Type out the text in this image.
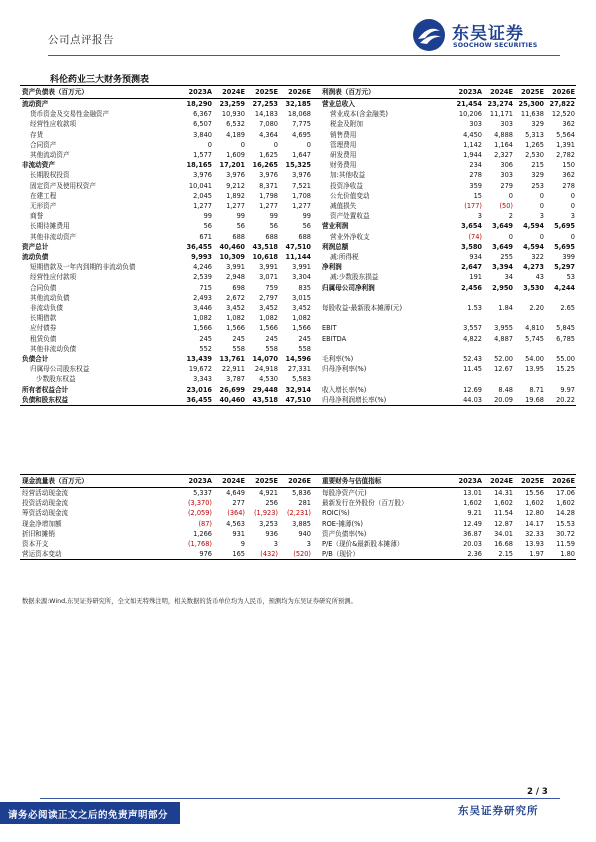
公司点评报告	东吴证券
SOOCHOW SECURITIES
科伦药业三大财务预测表
资产负债表（百万元）	2023A	2024E	2025E	2026E		利润表（百万元）	2023A	2024E	2025E	2026E
流动资产	18,290	23,259	27,253	32,185		营业总收入	21,454	23,274	25,300	27,822
货币资金及交易性金融资产	6,367	10,930	14,183	18,068		营业成本(含金融类)	10,206	11,171	11,638	12,520
经营性应收款项	6,507	6,532	7,080	7,775		税金及附加	303	303	329	362
存货	3,840	4,189	4,364	4,695		销售费用	4,450	4,888	5,313	5,564
合同资产	0	0	0	0		管理费用	1,142	1,164	1,265	1,391
其他流动资产	1,577	1,609	1,625	1,647		研发费用	1,944	2,327	2,530	2,782
非流动资产	18,165	17,201	16,265	15,325		财务费用	234	306	215	150
长期股权投资	3,976	3,976	3,976	3,976		加:其他收益	278	303	329	362
固定资产及使用权资产	10,041	9,212	8,371	7,521		投资净收益	359	279	253	278
在建工程	2,045	1,892	1,798	1,708		公允价值变动	15	0	0	0
无形资产	1,277	1,277	1,277	1,277		减值损失	(177)	(50)	0	0
商誉	99	99	99	99		资产处置收益	3	2	3	3
长期待摊费用	56	56	56	56		营业利润	3,654	3,649	4,594	5,695
其他非流动资产	671	688	688	688		营业外净收支	(74)	0	0	0
资产总计	36,455	40,460	43,518	47,510		利润总额	3,580	3,649	4,594	5,695
流动负债	9,993	10,309	10,618	11,144		减:所得税	934	255	322	399
短期借款及一年内到期的非流动负债	4,246	3,991	3,991	3,991		净利润	2,647	3,394	4,273	5,297
经营性应付款项	2,539	2,948	3,071	3,304		减:少数股东损益	191	34	43	53
合同负债	715	698	759	835		归属母公司净利润	2,456	2,950	3,530	4,244
其他流动负债	2,493	2,672	2,797	3,015						
非流动负债	3,446	3,452	3,452	3,452		每股收益-最新股本摊薄(元)	1.53	1.84	2.20	2.65
长期借款	1,082	1,082	1,082	1,082						
应付债券	1,566	1,566	1,566	1,566		EBIT	3,557	3,955	4,810	5,845
租赁负债	245	245	245	245		EBITDA	4,822	4,887	5,745	6,785
其他非流动负债	552	558	558	558						
负债合计	13,439	13,761	14,070	14,596		毛利率(%)	52.43	52.00	54.00	55.00
归属母公司股东权益	19,672	22,911	24,918	27,331		归母净利率(%)	11.45	12.67	13.95	15.25
少数股东权益	3,343	3,787	4,530	5,583						
所有者权益合计	23,016	26,699	29,448	32,914		收入增长率(%)	12.69	8.48	8.71	9.97
负债和股东权益	36,455	40,460	43,518	47,510		归母净利润增长率(%)	44.03	20.09	19.68	20.22
现金流量表（百万元）	2023A	2024E	2025E	2026E		重要财务与估值指标	2023A	2024E	2025E	2026E
经营活动现金流	5,337	4,649	4,921	5,836		每股净资产(元)	13.01	14.31	15.56	17.06
投资活动现金流	(3,370)	277	256	281		最新发行在外股份（百万股）	1,602	1,602	1,602	1,602
筹资活动现金流	(2,059)	(364)	(1,923)	(2,231)		ROIC(%)	9.21	11.54	12.80	14.28
现金净增加额	(87)	4,563	3,253	3,885		ROE-摊薄(%)	12.49	12.87	14.17	15.53
折旧和摊销	1,266	931	936	940		资产负债率(%)	36.87	34.01	32.33	30.72
资本开支	(1,768)	9	3	3		P/E（现价&最新股本摊薄）	20.03	16.68	13.93	11.59
营运资本变动	976	165	(432)	(520)		P/B（现价）	2.36	2.15	1.97	1.80
数据来源:Wind,东吴证券研究所，全文如无特殊注明，相关数据的货币单位均为人民币，预测均为东吴证券研究所预测。
2 / 3
请务必阅读正文之后的免责声明部分	东吴证券研究所
